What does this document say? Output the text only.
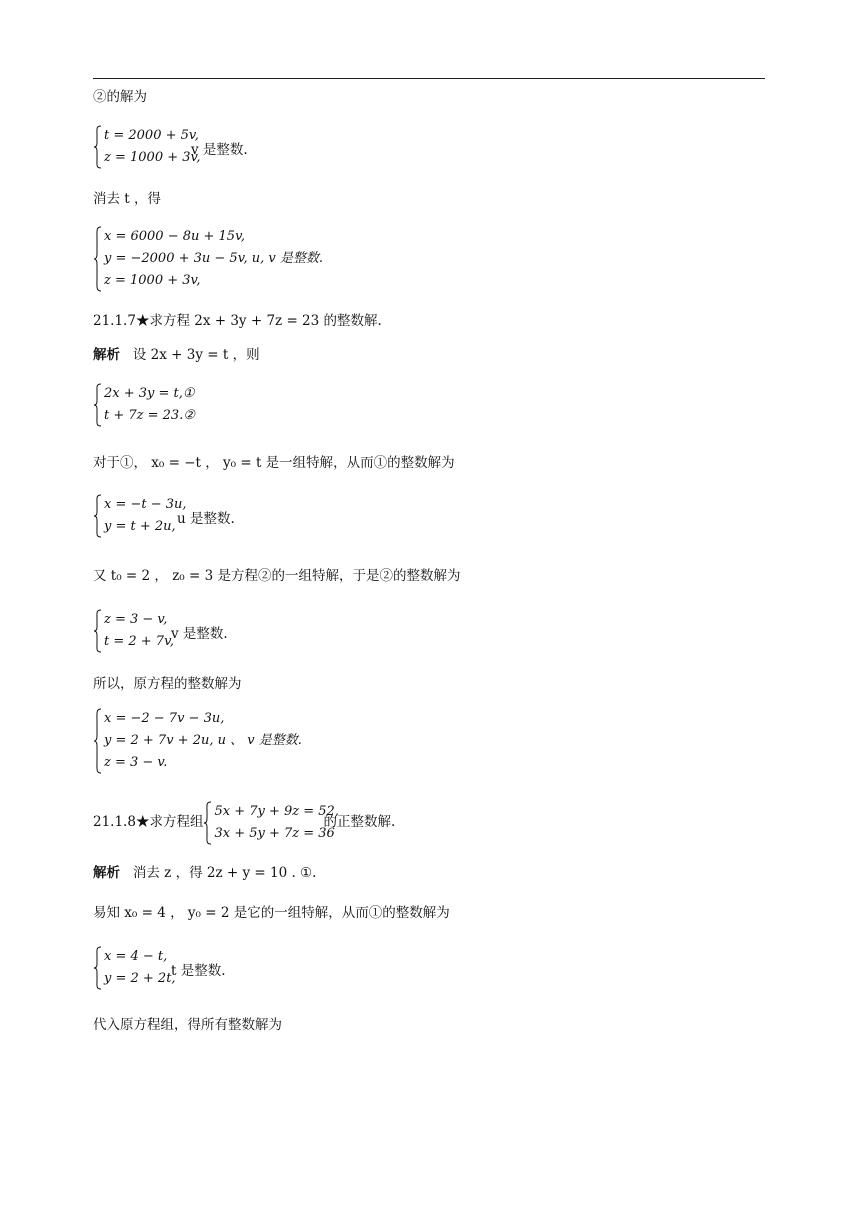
②的解为
t = 2000 + 5v,
z = 1000 + 3v,
v 是整数.
消去 t ，得
x = 6000 − 8u + 15v,
y = −2000 + 3u − 5v, u, v 是整数.
z = 1000 + 3v,
21.1.7★求方程 2x + 3y + 7z = 23 的整数解.
解析 设 2x + 3y = t ，则
2x + 3y = t,①
t + 7z = 23.②
对于①， x₀ = −t ， y₀ = t 是一组特解，从而①的整数解为
x = −t − 3u,
y = t + 2u, u 是整数.
又 t₀ = 2 ， z₀ = 3 是方程②的一组特解，于是②的整数解为
z = 3 − v,
t = 2 + 7v,
v 是整数.
所以，原方程的整数解为
x = −2 − 7v − 3u,
y = 2 + 7v + 2u, u 、 v 是整数.
z = 3 − v.
21.1.8★求方程组
5x + 7y + 9z = 52,
3x + 5y + 7z = 36
的正整数解.
解析 消去 z ，得 2z + y = 10 . ①.
易知 x₀ = 4 ， y₀ = 2 是它的一组特解，从而①的整数解为
x = 4 − t,
y = 2 + 2t,
t 是整数.
代入原方程组，得所有整数解为
